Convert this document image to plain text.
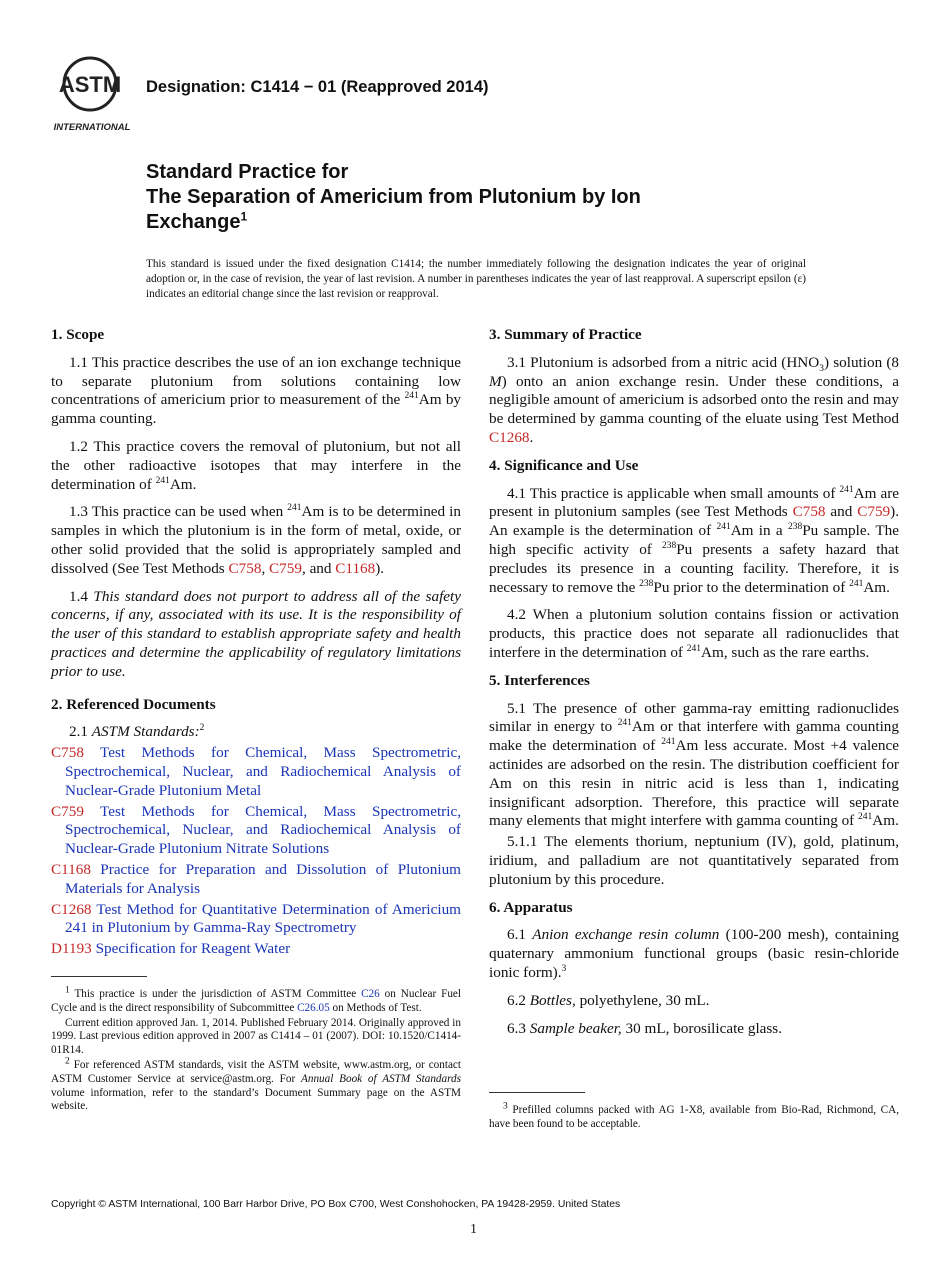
ASTM
INTERNATIONAL
Designation: C1414 − 01 (Reapproved 2014)
Standard Practice for
The Separation of Americium from Plutonium by Ion
Exchange$^1$
This standard is issued under the fixed designation C1414; the number immediately following the designation indicates the year of original adoption or, in the case of revision, the year of last revision. A number in parentheses indicates the year of last reapproval. A superscript epsilon (ε) indicates an editorial change since the last revision or reapproval.
1. Scope

1.1 This practice describes the use of an ion exchange technique to separate plutonium from solutions containing low concentrations of americium prior to measurement of the $^{241}$Am by gamma counting.

1.2 This practice covers the removal of plutonium, but not all the other radioactive isotopes that may interfere in the determination of $^{241}$Am.

1.3 This practice can be used when $^{241}$Am is to be determined in samples in which the plutonium is in the form of metal, oxide, or other solid provided that the solid is appropriately sampled and dissolved (See Test Methods C758, C759, and C1168).

1.4 This standard does not purport to address all of the safety concerns, if any, associated with its use. It is the responsibility of the user of this standard to establish appropriate safety and health practices and determine the applicability of regulatory limitations prior to use.

2. Referenced Documents

2.1 ASTM Standards:$^2$

C758 Test Methods for Chemical, Mass Spectrometric, Spectrochemical, Nuclear, and Radiochemical Analysis of Nuclear-Grade Plutonium Metal
C759 Test Methods for Chemical, Mass Spectrometric, Spectrochemical, Nuclear, and Radiochemical Analysis of Nuclear-Grade Plutonium Nitrate Solutions
C1168 Practice for Preparation and Dissolution of Plutonium Materials for Analysis
C1268 Test Method for Quantitative Determination of Americium 241 in Plutonium by Gamma-Ray Spectrometry
D1193 Specification for Reagent Water

$^1$ This practice is under the jurisdiction of ASTM Committee C26 on Nuclear Fuel Cycle and is the direct responsibility of Subcommittee C26.05 on Methods of Test.

Current edition approved Jan. 1, 2014. Published February 2014. Originally approved in 1999. Last previous edition approved in 2007 as C1414 – 01 (2007). DOI: 10.1520/C1414-01R14.

$^2$ For referenced ASTM standards, visit the ASTM website, www.astm.org, or contact ASTM Customer Service at service@astm.org. For Annual Book of ASTM Standards volume information, refer to the standard’s Document Summary page on the ASTM website.

3. Summary of Practice

3.1 Plutonium is adsorbed from a nitric acid $(HNO_3)$ solution (8 M) onto an anion exchange resin. Under these conditions, a negligible amount of americium is adsorbed onto the resin and may be determined by gamma counting of the eluate using Test Method C1268.

4. Significance and Use

4.1 This practice is applicable when small amounts of $^{241}$Am are present in plutonium samples (see Test Methods C758 and C759). An example is the determination of $^{241}$Am in a $^{238}$Pu sample. The high specific activity of $^{238}$Pu presents a safety hazard that precludes its presence in a counting facility. Therefore, it is necessary to remove the $^{238}$Pu prior to the determination of $^{241}$Am.

4.2 When a plutonium solution contains fission or activation products, this practice does not separate all radionuclides that interfere in the determination of $^{241}$Am, such as the rare earths.

5. Interferences

5.1 The presence of other gamma-ray emitting radionuclides similar in energy to $^{241}$Am or that interfere with gamma counting make the determination of $^{241}$Am less accurate. Most +4 valence actinides are adsorbed on the resin. The distribution coefficient for Am on this resin in nitric acid is less than 1, indicating insignificant adsorption. Therefore, this practice will separate many elements that might interfere with gamma counting of $^{241}$Am.

5.1.1 The elements thorium, neptunium (IV), gold, platinum, iridium, and palladium are not quantitatively separated from plutonium by this procedure.

6. Apparatus

6.1 Anion exchange resin column (100-200 mesh), containing quaternary ammonium functional groups (basic resin-chloride ionic form).$^3$

6.2 Bottles, polyethylene, 30 mL.

6.3 Sample beaker, 30 mL, borosilicate glass.

$^3$ Prefilled columns packed with AG 1-X8, available from Bio-Rad, Richmond, CA, have been found to be acceptable.

Copyright © ASTM International, 100 Barr Harbor Drive, PO Box C700, West Conshohocken, PA 19428-2959. United States
1
